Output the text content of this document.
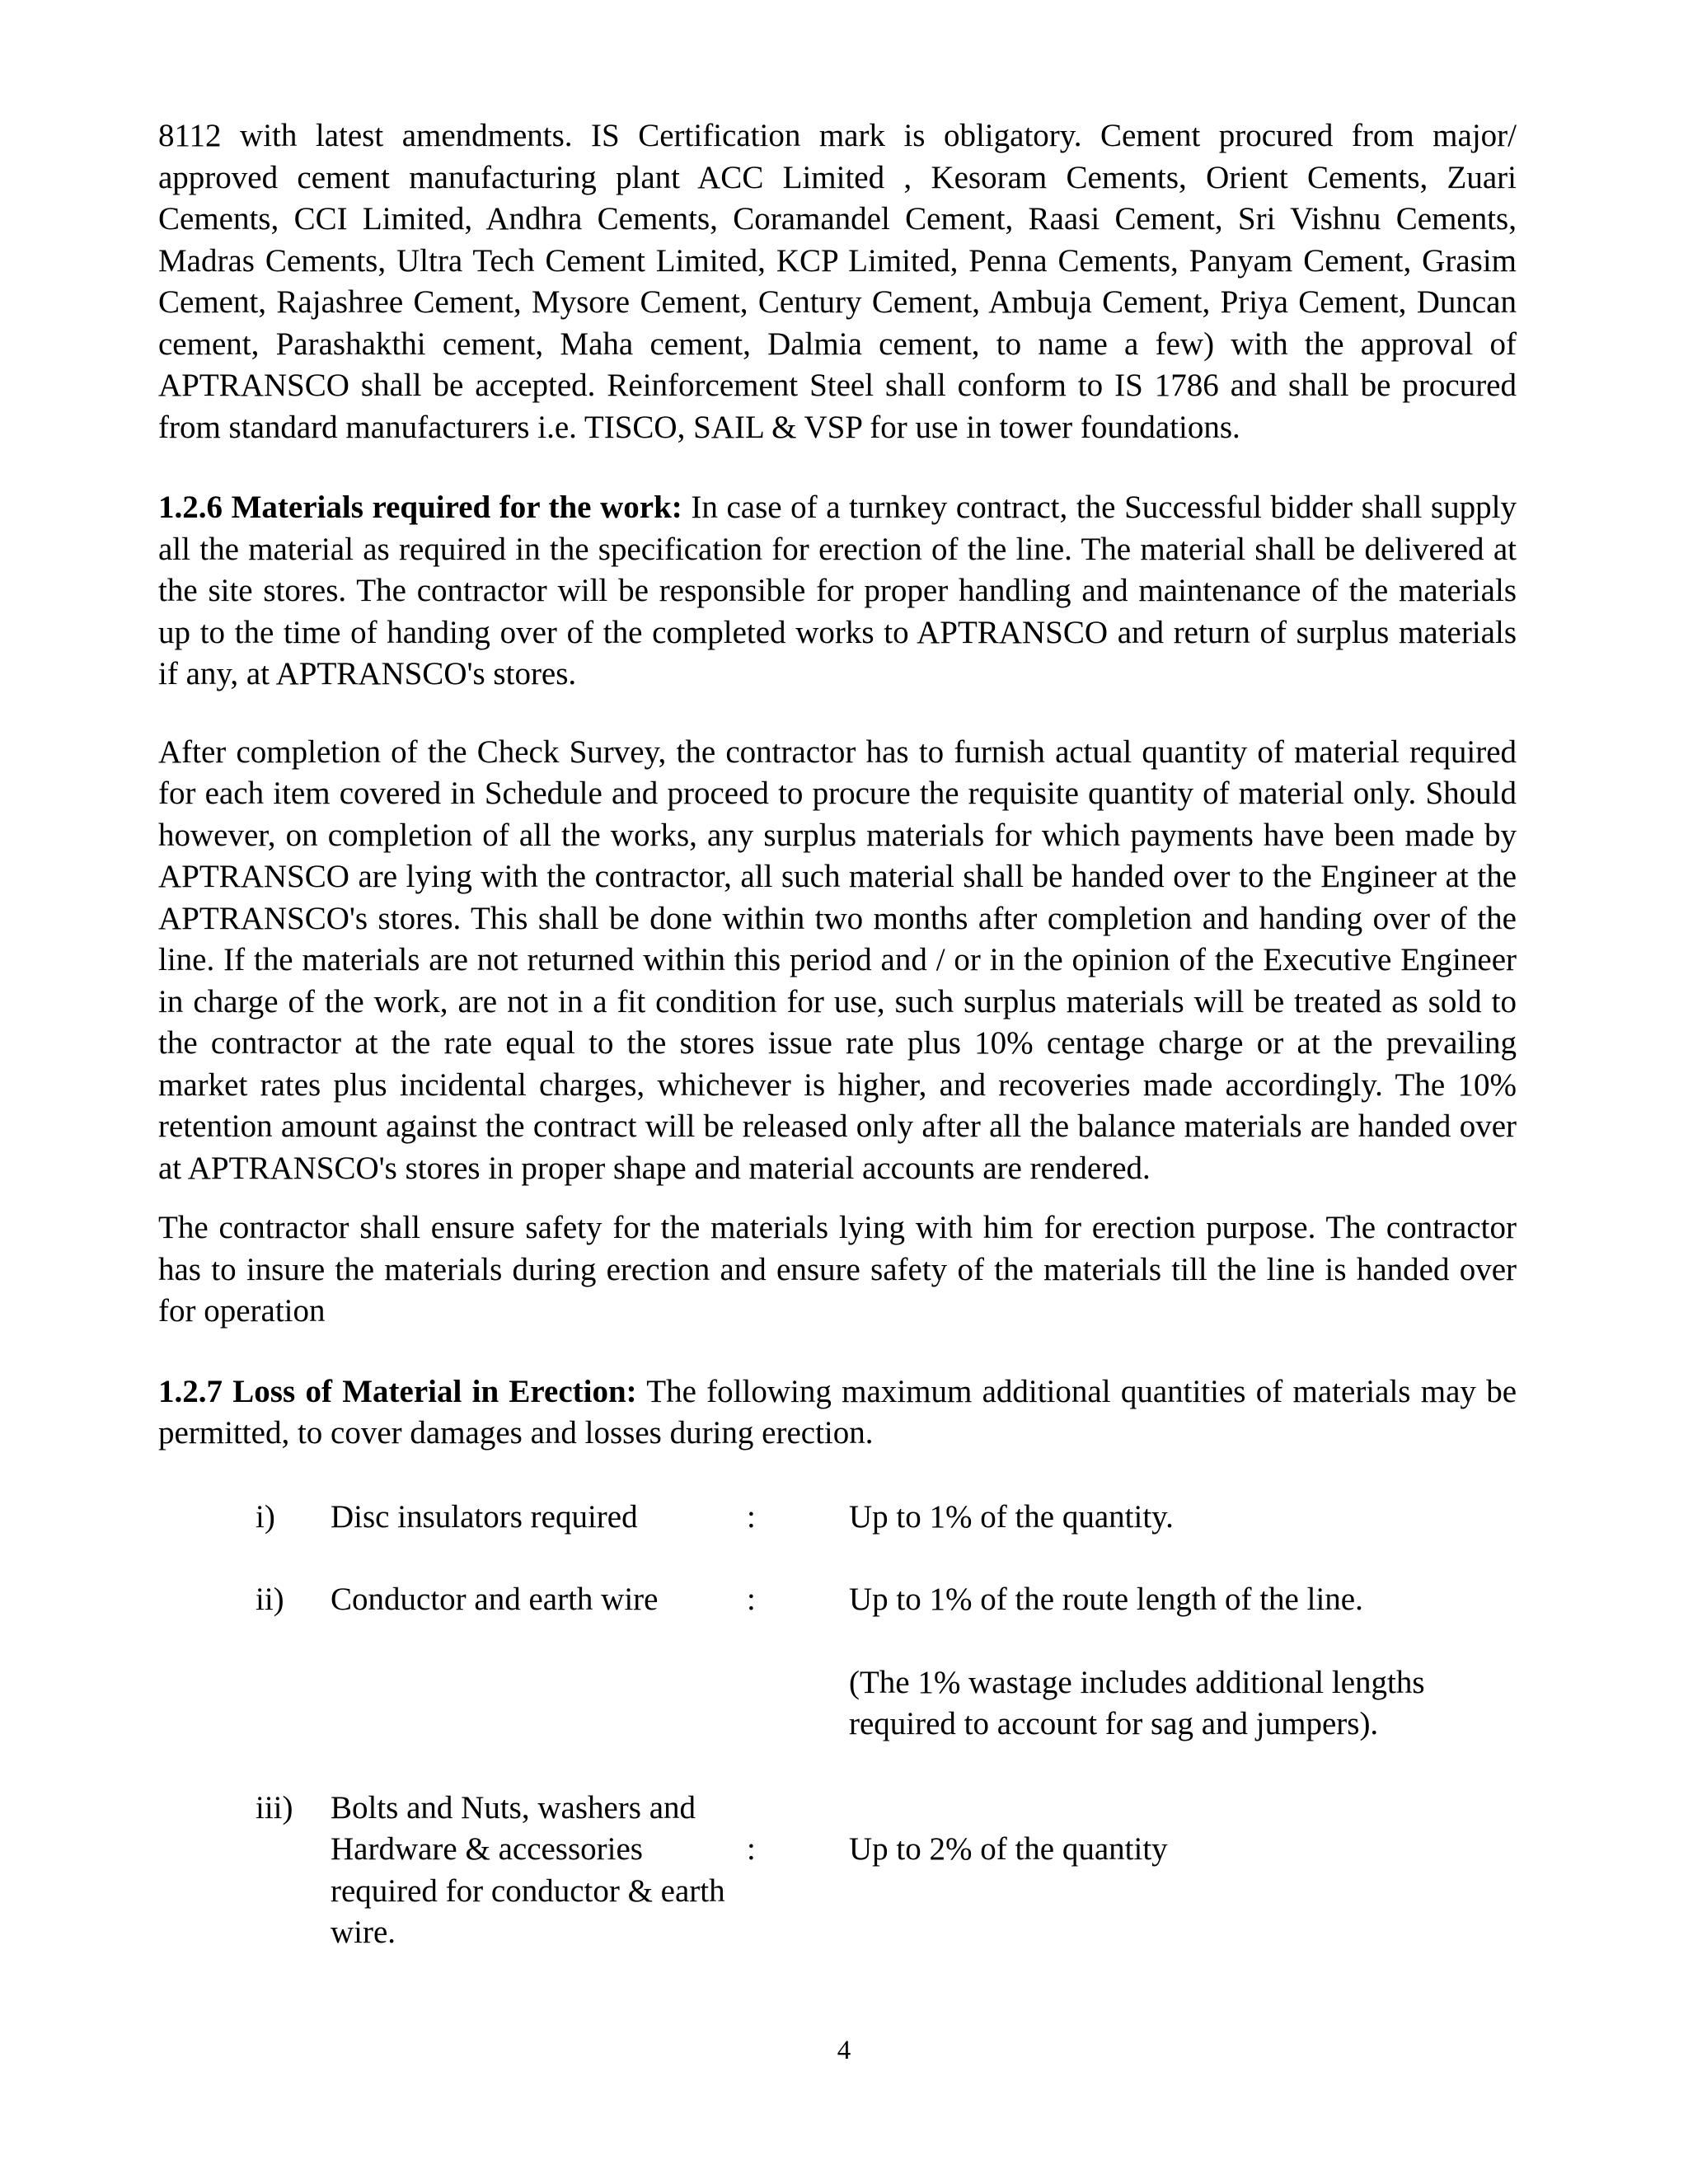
8112 with latest amendments. IS Certification mark is obligatory. Cement procured from major/ approved cement manufacturing plant ACC Limited , Kesoram Cements, Orient Cements, Zuari Cements, CCI Limited, Andhra Cements, Coramandel Cement, Raasi Cement, Sri Vishnu Cements, Madras Cements, Ultra Tech Cement Limited, KCP Limited, Penna Cements, Panyam Cement, Grasim Cement, Rajashree Cement, Mysore Cement, Century Cement, Ambuja Cement, Priya Cement, Duncan cement, Parashakthi cement, Maha cement, Dalmia cement, to name a few) with the approval of APTRANSCO shall be accepted. Reinforcement Steel shall conform to IS 1786 and shall be procured from standard manufacturers i.e. TISCO, SAIL & VSP for use in tower foundations.

1.2.6 Materials required for the work: In case of a turnkey contract, the Successful bidder shall supply all the material as required in the specification for erection of the line. The material shall be delivered at the site stores. The contractor will be responsible for proper handling and maintenance of the materials up to the time of handing over of the completed works to APTRANSCO and return of surplus materials if any, at APTRANSCO's stores.

After completion of the Check Survey, the contractor has to furnish actual quantity of material required for each item covered in Schedule and proceed to procure the requisite quantity of material only. Should however, on completion of all the works, any surplus materials for which payments have been made by APTRANSCO are lying with the contractor, all such material shall be handed over to the Engineer at the APTRANSCO's stores. This shall be done within two months after completion and handing over of the line. If the materials are not returned within this period and / or in the opinion of the Executive Engineer in charge of the work, are not in a fit condition for use, such surplus materials will be treated as sold to the contractor at the rate equal to the stores issue rate plus 10% centage charge or at the prevailing market rates plus incidental charges, whichever is higher, and recoveries made accordingly. The 10% retention amount against the contract will be released only after all the balance materials are handed over at APTRANSCO's stores in proper shape and material accounts are rendered.

The contractor shall ensure safety for the materials lying with him for erection purpose. The contractor has to insure the materials during erection and ensure safety of the materials till the line is handed over for operation

1.2.7 Loss of Material in Erection: The following maximum additional quantities of materials may be permitted, to cover damages and losses during erection.

i) Disc insulators required	:	Up to 1% of the quantity.
ii) Conductor and earth wire	:	Up to 1% of the route length of the line.
(The 1% wastage includes additional lengths required to account for sag and jumpers).
iii) Bolts and Nuts, washers and Hardware & accessories required for conductor & earth wire.
:	Up to 2% of the quantity
4
